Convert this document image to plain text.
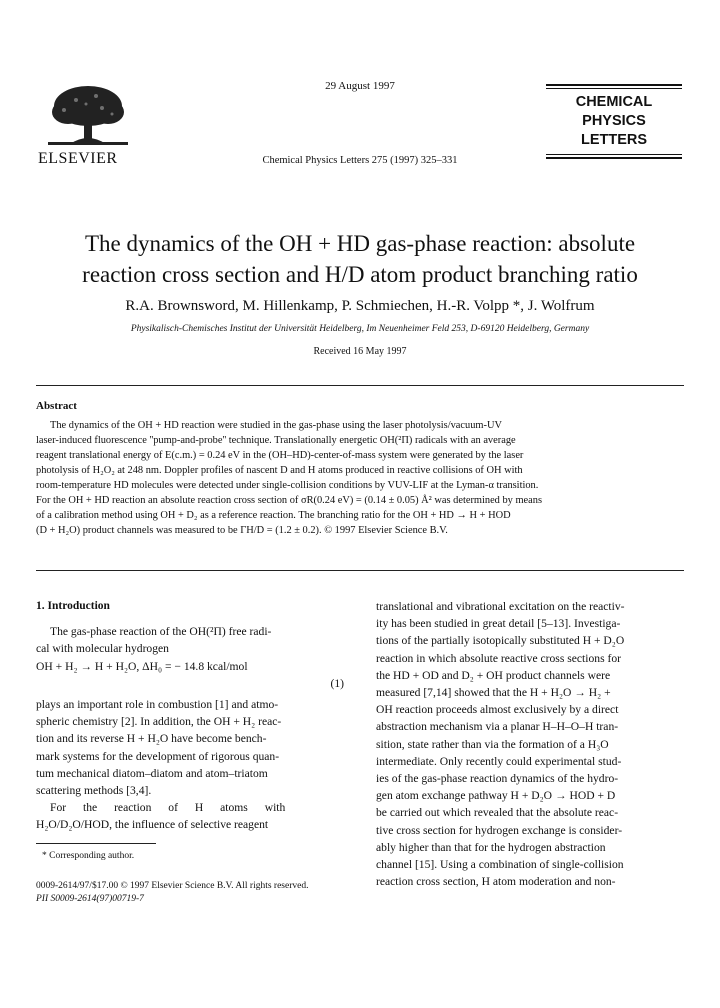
ELSEVIER
29 August 1997
Chemical Physics Letters 275 (1997) 325–331
CHEMICAL
PHYSICS
LETTERS
The dynamics of the OH + HD gas-phase reaction: absolute
reaction cross section and H/D atom product branching ratio
R.A. Brownsword, M. Hillenkamp, P. Schmiechen, H.-R. Volpp *, J. Wolfrum
Physikalisch-Chemisches Institut der Universität Heidelberg, Im Neuenheimer Feld 253, D-69120 Heidelberg, Germany
Received 16 May 1997
Abstract
The dynamics of the OH + HD reaction were studied in the gas-phase using the laser photolysis/vacuum-UV
laser-induced fluorescence ''pump-and-probe'' technique. Translationally energetic OH(²Π) radicals with an average
reagent translational energy of E(c.m.) = 0.24 eV in the (OH–HD)-center-of-mass system were generated by the laser
photolysis of H₂O₂ at 248 nm. Doppler profiles of nascent D and H atoms produced in reactive collisions of OH with
room-temperature HD molecules were detected under single-collision conditions by VUV-LIF at the Lyman-α transition.
For the OH + HD reaction an absolute reaction cross section of σR(0.24 eV) = (0.14 ± 0.05) Å² was determined by means
of a calibration method using OH + D₂ as a reference reaction. The branching ratio for the OH + HD → H + HOD
(D + H₂O) product channels was measured to be ΓH/D = (1.2 ± 0.2). © 1997 Elsevier Science B.V.
1. Introduction
The gas-phase reaction of the OH(²Π) free radi-
cal with molecular hydrogen
OH + H₂ → H + H₂O, ΔH₀ = − 14.8 kcal/mol
(1)
plays an important role in combustion [1] and atmo-
spheric chemistry [2]. In addition, the OH + H₂ reac-
tion and its reverse H + H₂O have become bench-
mark systems for the development of rigorous quan-
tum mechanical diatom–diatom and atom–triatom
scattering methods [3,4].
For the reaction of H atoms with
H₂O/D₂O/HOD, the influence of selective reagent
* Corresponding author.
translational and vibrational excitation on the reactiv-
ity has been studied in great detail [5–13]. Investiga-
tions of the partially isotopically substituted H + D₂O
reaction in which absolute reactive cross sections for
the HD + OD and D₂ + OH product channels were
measured [7,14] showed that the H + H₂O → H₂ +
OH reaction proceeds almost exclusively by a direct
abstraction mechanism via a planar H–H–O–H tran-
sition, state rather than via the formation of a H₃O
intermediate. Only recently could experimental stud-
ies of the gas-phase reaction dynamics of the hydro-
gen atom exchange pathway H + D₂O → HOD + D
be carried out which revealed that the absolute reac-
tive cross section for hydrogen exchange is consider-
ably higher than that for the hydrogen abstraction
channel [15]. Using a combination of single-collision
reaction cross section, H atom moderation and non-
0009-2614/97/$17.00 © 1997 Elsevier Science B.V. All rights reserved.
PII S0009-2614(97)00719-7
